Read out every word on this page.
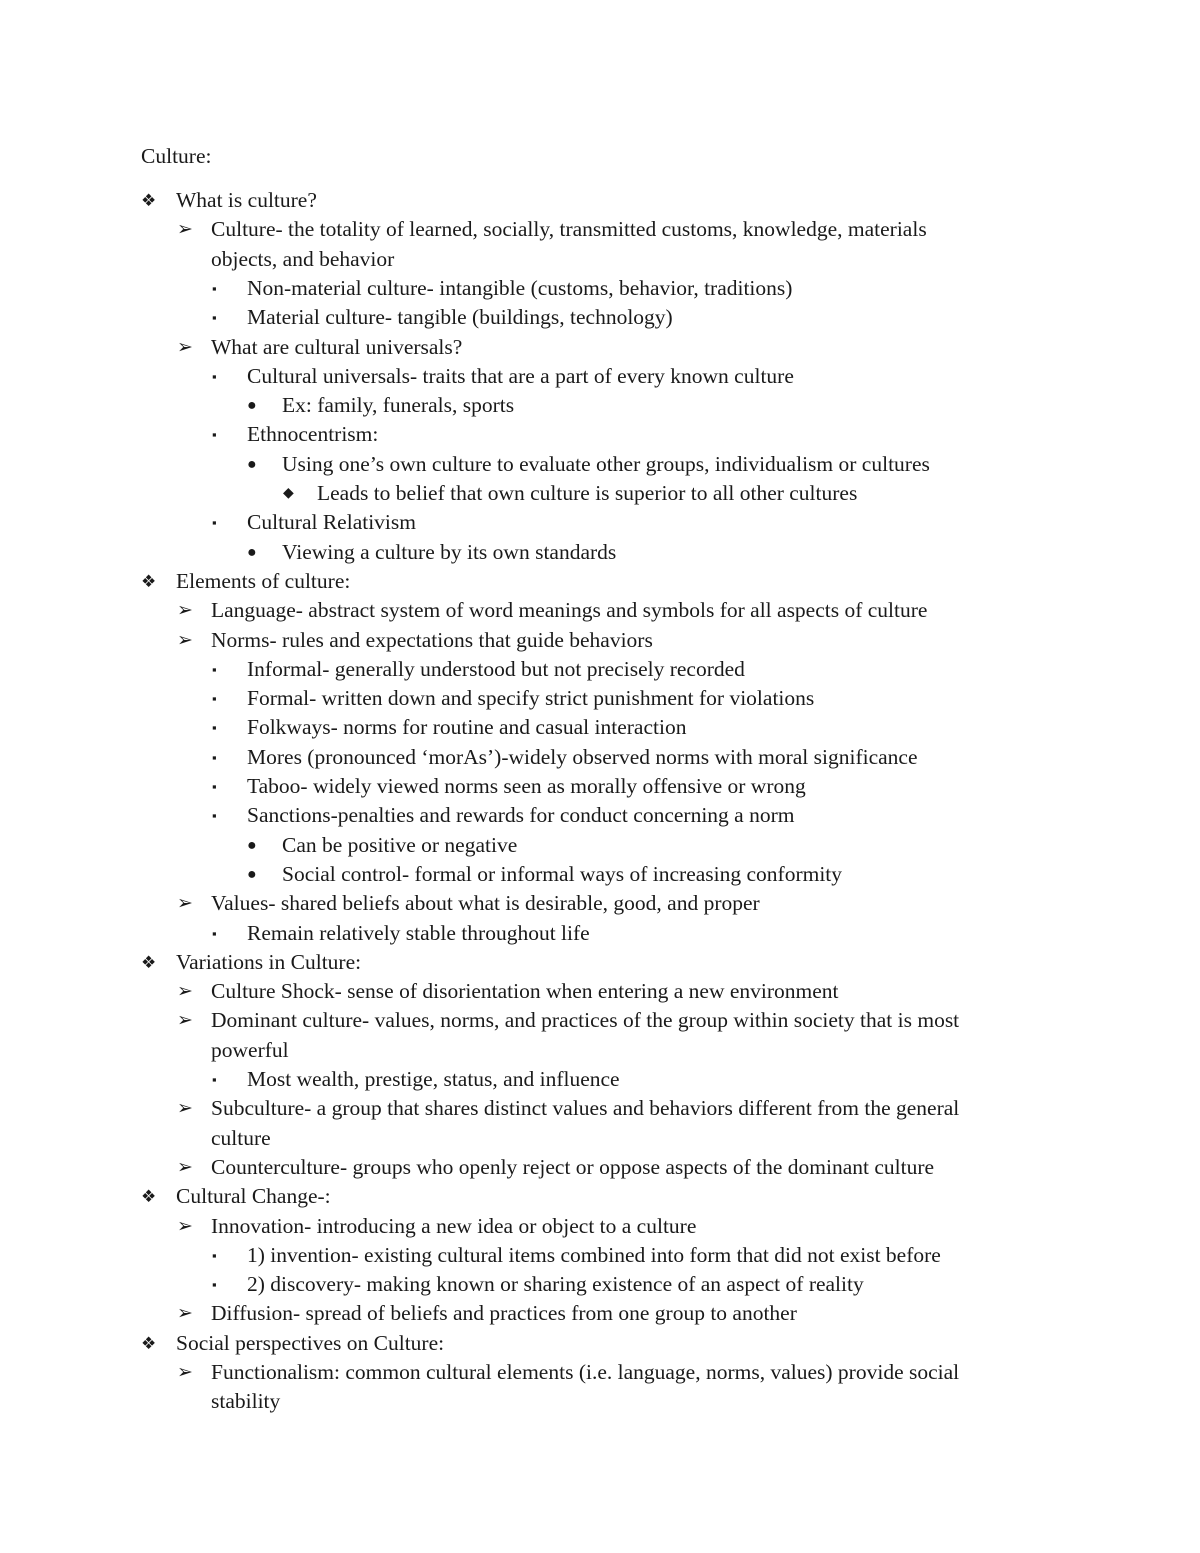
Culture:
❖ What is culture?
➢ Culture- the totality of learned, socially, transmitted customs, knowledge, materials
objects, and behavior
▪	Non-material culture- intangible (customs, behavior, traditions)
▪	Material culture- tangible (buildings, technology)
➢ What are cultural universals?
▪	Cultural universals- traits that are a part of every known culture
●	Ex: family, funerals, sports
▪	Ethnocentrism:
●	Using one’s own culture to evaluate other groups, individualism or cultures
◆	Leads to belief that own culture is superior to all other cultures
▪	Cultural Relativism
●	Viewing a culture by its own standards
❖ Elements of culture:
➢ Language- abstract system of word meanings and symbols for all aspects of culture
➢ Norms- rules and expectations that guide behaviors
▪	Informal- generally understood but not precisely recorded
▪	Formal- written down and specify strict punishment for violations
▪	Folkways- norms for routine and casual interaction
▪	Mores (pronounced ‘morAs’)-widely observed norms with moral significance
▪	Taboo- widely viewed norms seen as morally offensive or wrong
▪	Sanctions-penalties and rewards for conduct concerning a norm
●	Can be positive or negative
●	Social control- formal or informal ways of increasing conformity
➢ Values- shared beliefs about what is desirable, good, and proper
▪	Remain relatively stable throughout life
❖ Variations in Culture:
➢ Culture Shock- sense of disorientation when entering a new environment
➢ Dominant culture- values, norms, and practices of the group within society that is most
powerful
▪	Most wealth, prestige, status, and influence
➢ Subculture- a group that shares distinct values and behaviors different from the general
culture
➢ Counterculture- groups who openly reject or oppose aspects of the dominant culture
❖ Cultural Change-:
➢ Innovation- introducing a new idea or object to a culture
▪	1) invention- existing cultural items combined into form that did not exist before
▪	2) discovery- making known or sharing existence of an aspect of reality
➢ Diffusion- spread of beliefs and practices from one group to another
❖ Social perspectives on Culture:
➢ Functionalism: common cultural elements (i.e. language, norms, values) provide social
stability
